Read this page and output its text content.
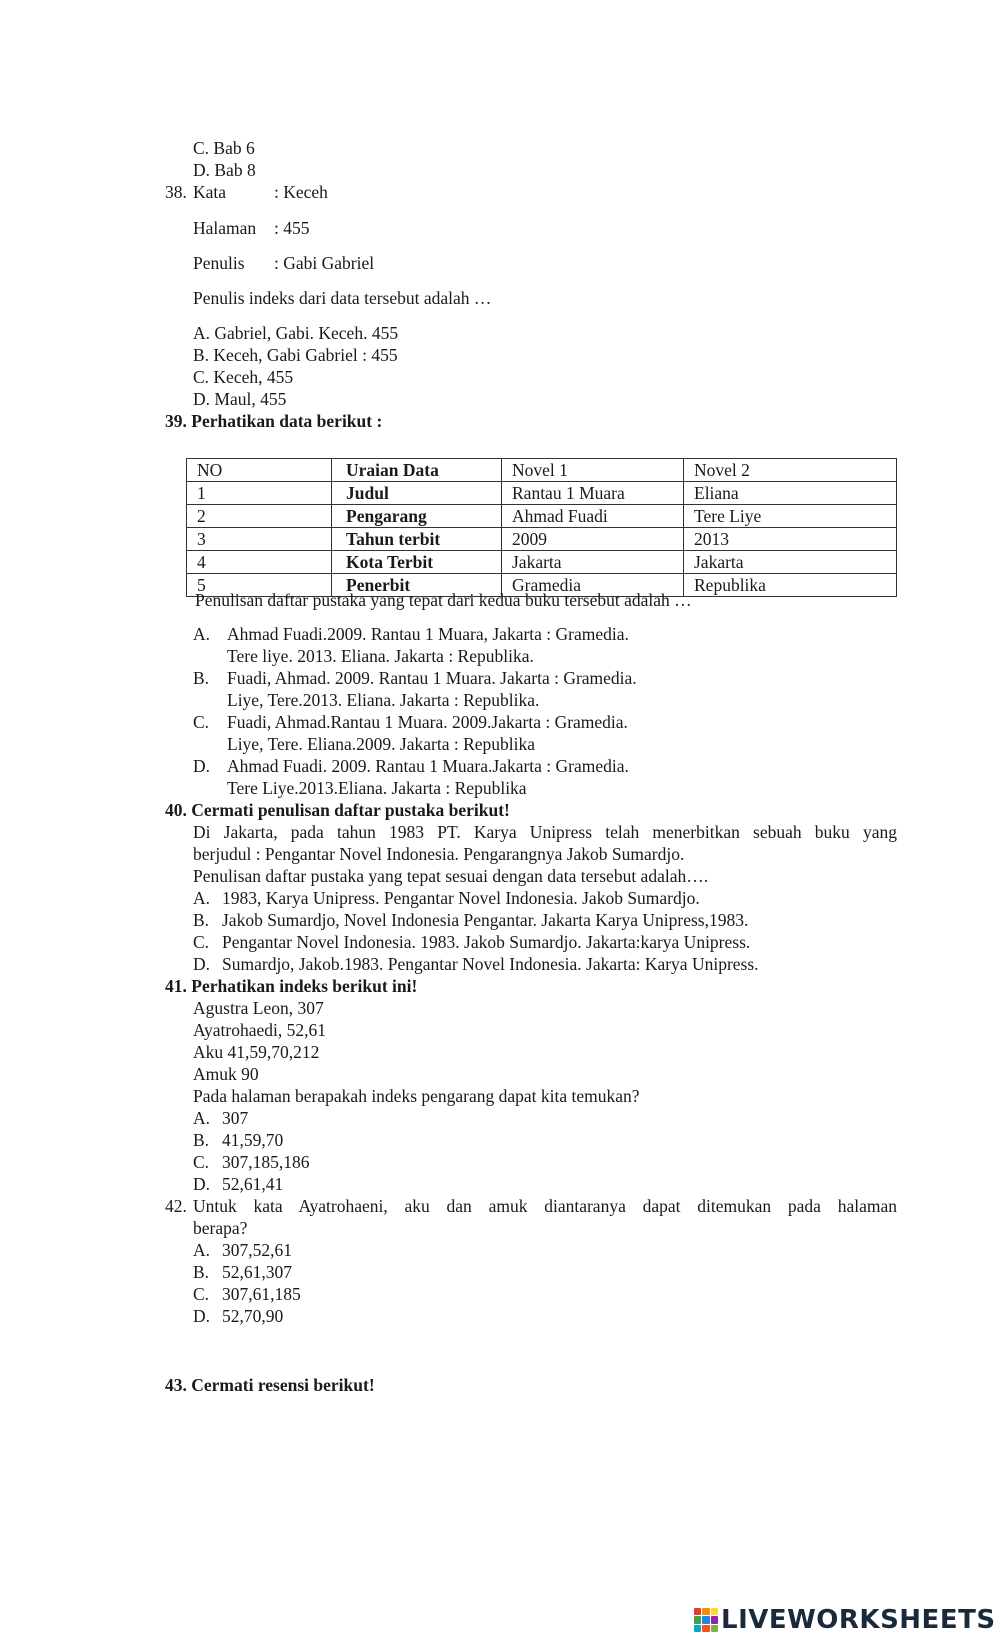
C. Bab 6
D. Bab 8
38. Kata	: Keceh
Halaman : 455
Penulis : Gabi Gabriel
Penulis indeks dari data tersebut adalah …
A. Gabriel, Gabi. Keceh. 455
B. Keceh, Gabi Gabriel : 455
C. Keceh, 455
D. Maul, 455
39. Perhatikan data berikut :
NO	Uraian Data	Novel 1	Novel 2
1	Judul	Rantau 1 Muara	Eliana
2	Pengarang	Ahmad Fuadi	Tere Liye
3	Tahun terbit	2009	2013
4	Kota Terbit	Jakarta	Jakarta
5	Penerbit	Gramedia	Republika
Penulisan daftar pustaka yang tepat dari kedua buku tersebut adalah …
A. Ahmad Fuadi.2009. Rantau 1 Muara, Jakarta : Gramedia.
Tere liye. 2013. Eliana. Jakarta : Republika.
B. Fuadi, Ahmad. 2009. Rantau 1 Muara. Jakarta : Gramedia.
Liye, Tere.2013. Eliana. Jakarta : Republika.
C. Fuadi, Ahmad.Rantau 1 Muara. 2009.Jakarta : Gramedia.
Liye, Tere. Eliana.2009. Jakarta : Republika
D. Ahmad Fuadi. 2009. Rantau 1 Muara.Jakarta : Gramedia.
Tere Liye.2013.Eliana. Jakarta : Republika
40. Cermati penulisan daftar pustaka berikut!
Di Jakarta, pada tahun 1983 PT. Karya Unipress telah menerbitkan sebuah buku yang
berjudul : Pengantar Novel Indonesia. Pengarangnya Jakob Sumardjo.
Penulisan daftar pustaka yang tepat sesuai dengan data tersebut adalah….
A. 1983, Karya Unipress. Pengantar Novel Indonesia. Jakob Sumardjo.
B. Jakob Sumardjo, Novel Indonesia Pengantar. Jakarta Karya Unipress,1983.
C. Pengantar Novel Indonesia. 1983. Jakob Sumardjo. Jakarta:karya Unipress.
D. Sumardjo, Jakob.1983. Pengantar Novel Indonesia. Jakarta: Karya Unipress.
41. Perhatikan indeks berikut ini!
Agustra Leon, 307
Ayatrohaedi, 52,61
Aku 41,59,70,212
Amuk 90
Pada halaman berapakah indeks pengarang dapat kita temukan?
A. 307
B. 41,59,70
C. 307,185,186
D. 52,61,41
42. Untuk kata Ayatrohaeni, aku dan amuk diantaranya dapat ditemukan pada halaman
berapa?
A. 307,52,61
B. 52,61,307
C. 307,61,185
D. 52,70,90
43. Cermati resensi berikut!
LIVEWORKSHEETS
